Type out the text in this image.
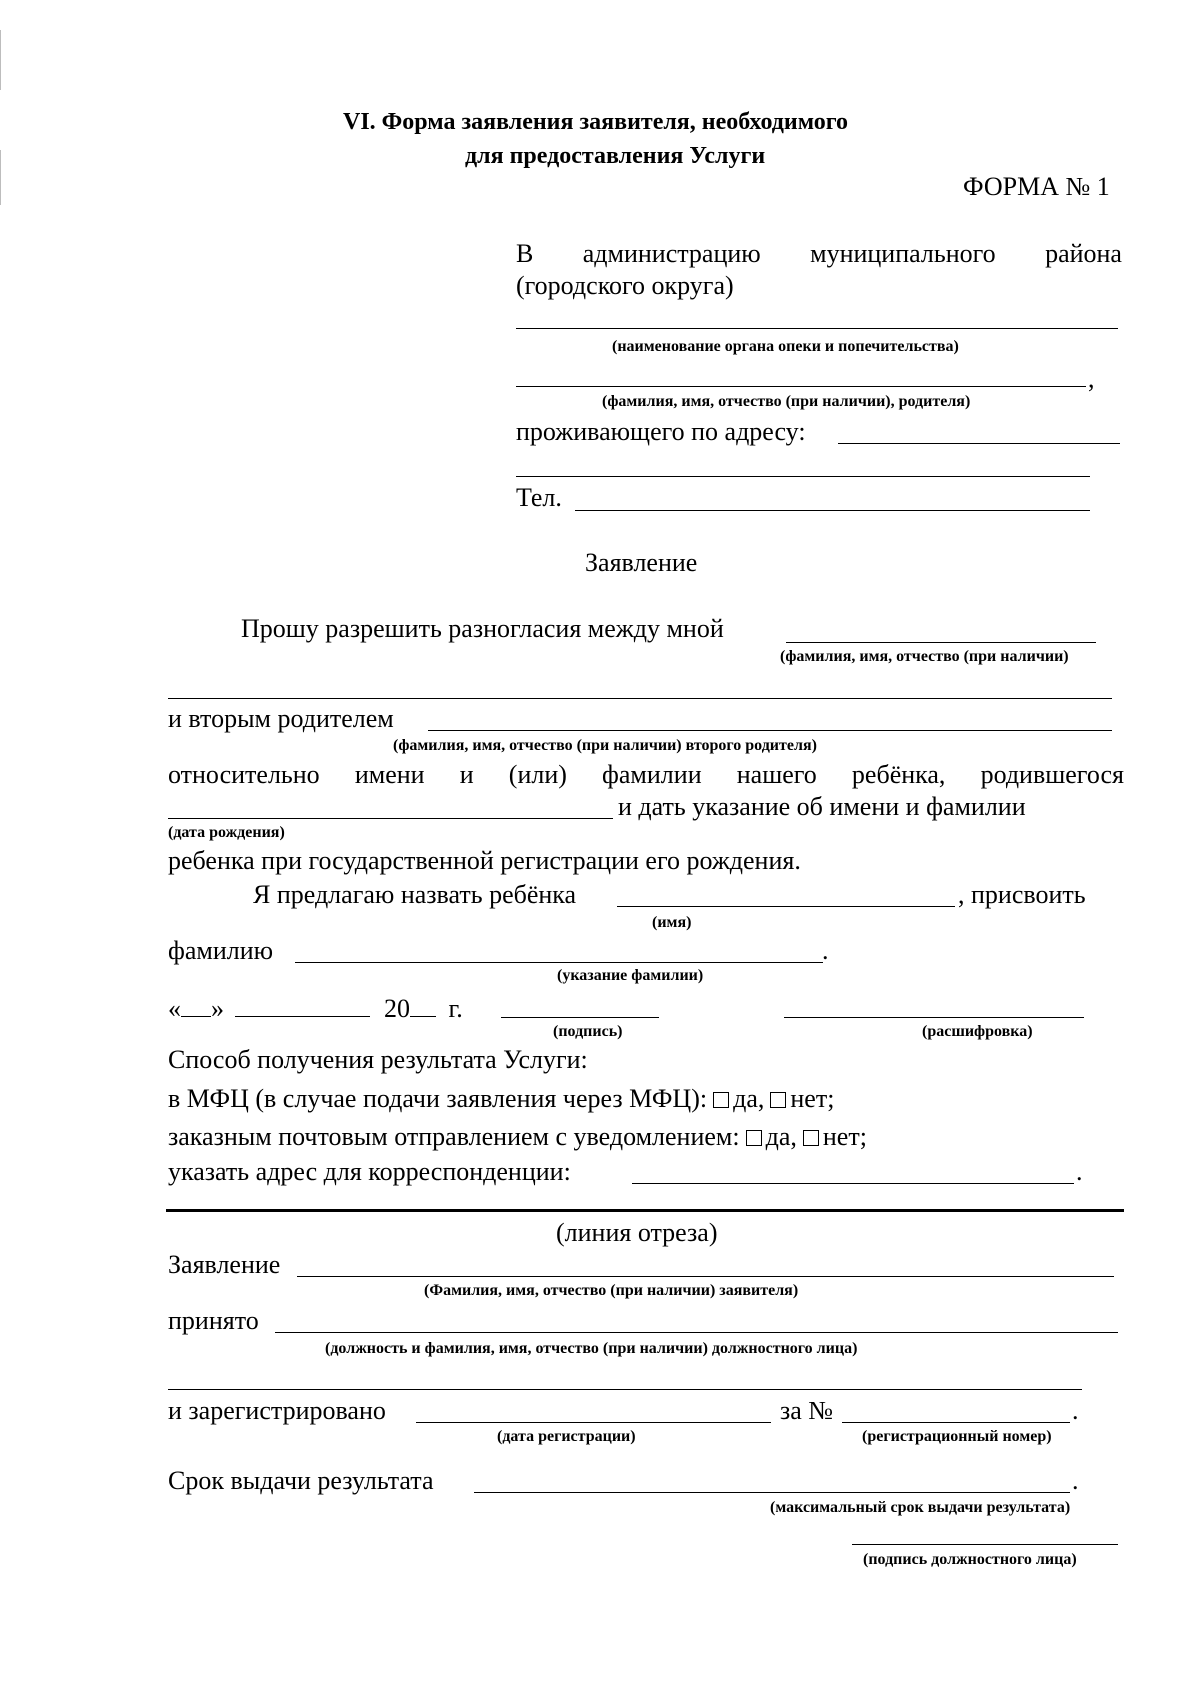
VI. Форма заявления заявителя, необходимого
для предоставления Услуги
ФОРМА № 1
В администрацию муниципального района
(городского округа)
(наименование органа опеки и попечительства)
,
(фамилия, имя, отчество (при наличии), родителя)
проживающего по адресу:
Тел.
Заявление
Прошу разрешить разногласия между мной
(фамилия, имя, отчество (при наличии)
и вторым родителем
(фамилия, имя, отчество (при наличии) второго родителя)
относительно имени и (или) фамилии нашего ребёнка, родившегося
и дать указание об имени и фамилии
(дата рождения)
ребенка при государственной регистрации его рождения.
Я предлагаю назвать ребёнка	, присвоить
(имя)
фамилию	.
(указание фамилии)
« »	20 г.
(подпись)	(расшифровка)
Способ получения результата Услуги:
в МФЦ (в случае подачи заявления через МФЦ): да, нет;
заказным почтовым отправлением с уведомлением: да, нет;
указать адрес для корреспонденции:	.
(линия отреза)
Заявление
(Фамилия, имя, отчество (при наличии) заявителя)
принято
(должность и фамилия, имя, отчество (при наличии) должностного лица)
и зарегистрировано	за №	.
(дата регистрации)	(регистрационный номер)
Срок выдачи результата	.
(максимальный срок выдачи результата)
(подпись должностного лица)
